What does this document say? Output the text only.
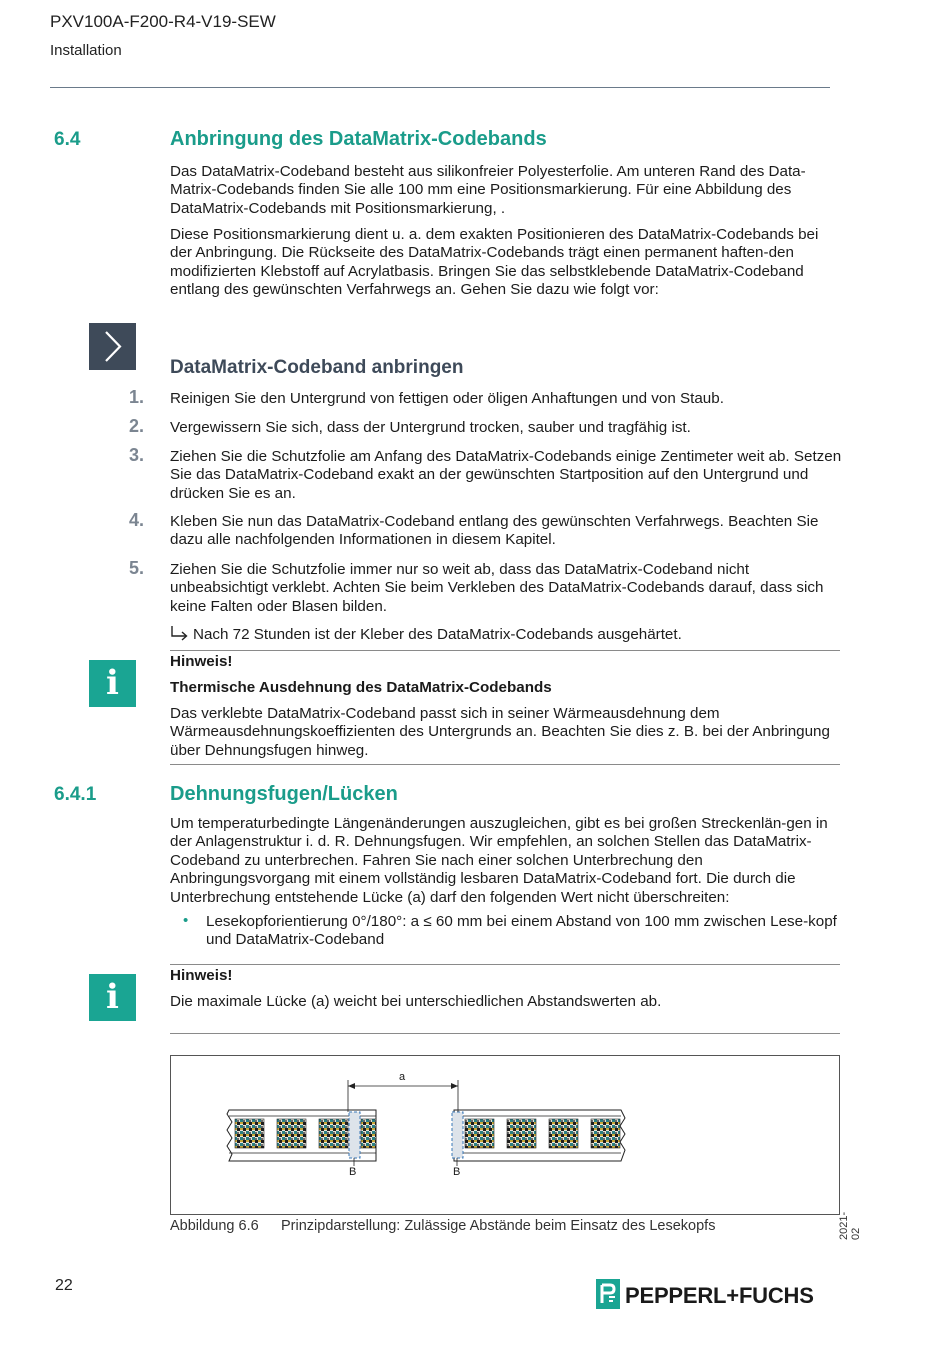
PXV100A-F200-R4-V19-SEW
Installation
6.4	Anbringung des DataMatrix-Codebands
Das DataMatrix-Codeband besteht aus silikonfreier Polyesterfolie. Am unteren Rand des Data-Matrix-Codebands finden Sie alle 100 mm eine Positionsmarkierung. Für eine Abbildung des DataMatrix-Codebands mit Positionsmarkierung, .
Diese Positionsmarkierung dient u. a. dem exakten Positionieren des DataMatrix-Codebands bei der Anbringung. Die Rückseite des DataMatrix-Codebands trägt einen permanent haften-den modifizierten Klebstoff auf Acrylatbasis. Bringen Sie das selbstklebende DataMatrix-Codeband entlang des gewünschten Verfahrwegs an. Gehen Sie dazu wie folgt vor:
DataMatrix-Codeband anbringen
1. Reinigen Sie den Untergrund von fettigen oder öligen Anhaftungen und von Staub.
2. Vergewissern Sie sich, dass der Untergrund trocken, sauber und tragfähig ist.
3. Ziehen Sie die Schutzfolie am Anfang des DataMatrix-Codebands einige Zentimeter weit ab. Setzen Sie das DataMatrix-Codeband exakt an der gewünschten Startposition auf den Untergrund und drücken Sie es an.
4. Kleben Sie nun das DataMatrix-Codeband entlang des gewünschten Verfahrwegs. Beachten Sie dazu alle nachfolgenden Informationen in diesem Kapitel.
5. Ziehen Sie die Schutzfolie immer nur so weit ab, dass das DataMatrix-Codeband nicht unbeabsichtigt verklebt. Achten Sie beim Verkleben des DataMatrix-Codebands darauf, dass sich keine Falten oder Blasen bilden.
Nach 72 Stunden ist der Kleber des DataMatrix-Codebands ausgehärtet.
i
Hinweis!
Thermische Ausdehnung des DataMatrix-Codebands
Das verklebte DataMatrix-Codeband passt sich in seiner Wärmeausdehnung dem Wärmeausdehnungskoeffizienten des Untergrunds an. Beachten Sie dies z. B. bei der Anbringung über Dehnungsfugen hinweg.
6.4.1	Dehnungsfugen/Lücken
Um temperaturbedingte Längenänderungen auszugleichen, gibt es bei großen Streckenlän-gen in der Anlagenstruktur i. d. R. Dehnungsfugen. Wir empfehlen, an solchen Stellen das DataMatrix-Codeband zu unterbrechen. Fahren Sie nach einer solchen Unterbrechung den Anbringungsvorgang mit einem vollständig lesbaren DataMatrix-Codeband fort. Die durch die Unterbrechung entstehende Lücke (a) darf den folgenden Wert nicht überschreiten:
• Lesekopforientierung 0°/180°: a ≤ 60 mm bei einem Abstand von 100 mm zwischen Lese-kopf und DataMatrix-Codeband
i
Hinweis!
Die maximale Lücke (a) weicht bei unterschiedlichen Abstandswerten ab.
a
B	B
Abbildung 6.6 Prinzipdarstellung: Zulässige Abstände beim Einsatz des Lesekopfs	2021-02
22	PEPPERL+FUCHS
